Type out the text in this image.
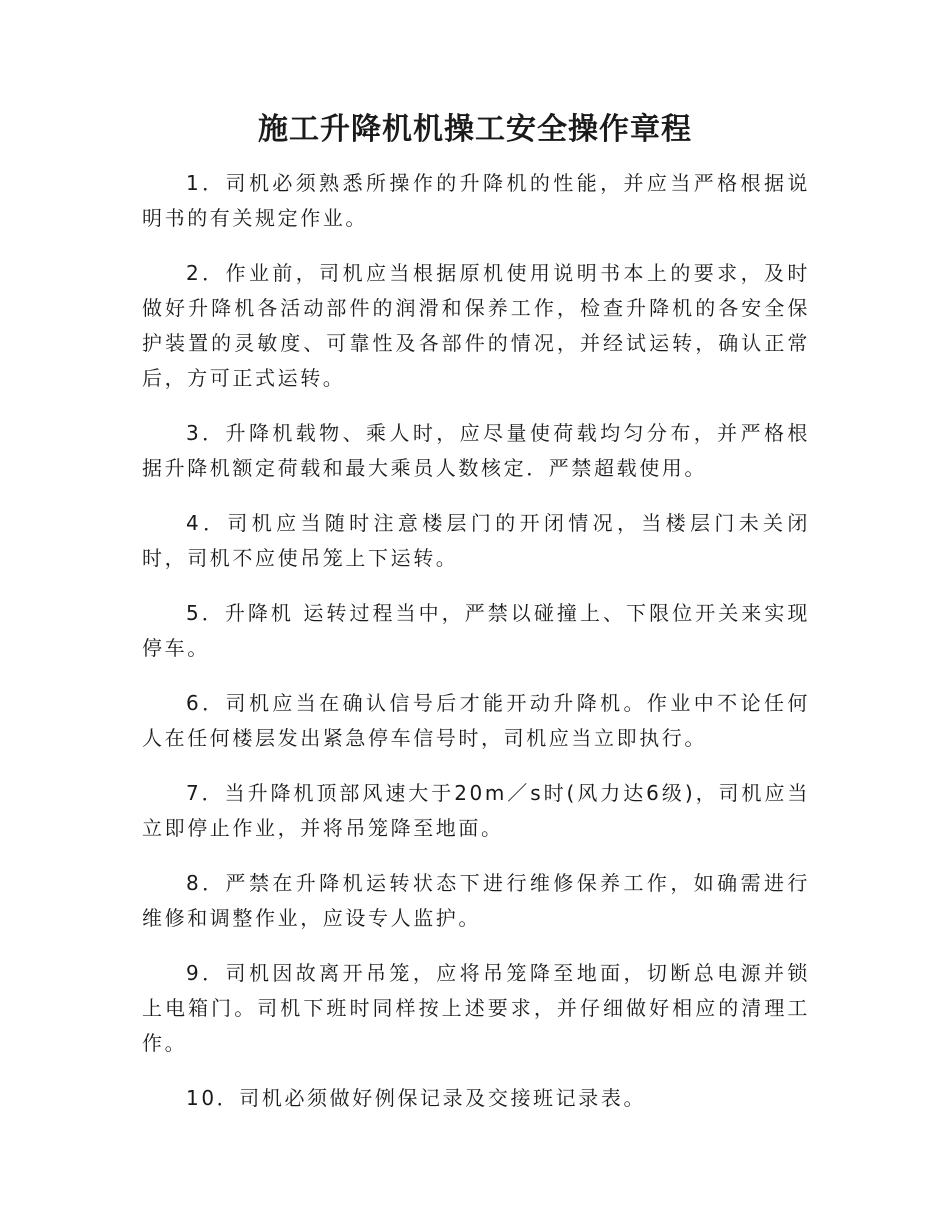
施工升降机机操工安全操作章程

1．司机必须熟悉所操作的升降机的性能，并应当严格根据说明书的有关规定作业。

2．作业前，司机应当根据原机使用说明书本上的要求，及时做好升降机各活动部件的润滑和保养工作，检查升降机的各安全保护装置的灵敏度、可靠性及各部件的情况，并经试运转，确认正常后，方可正式运转。

3．升降机载物、乘人时，应尽量使荷载均匀分布，并严格根据升降机额定荷载和最大乘员人数核定．严禁超载使用。

4．司机应当随时注意楼层门的开闭情况，当楼层门未关闭时，司机不应使吊笼上下运转。

5．升降机 运转过程当中，严禁以碰撞上、下限位开关来实现停车。

6．司机应当在确认信号后才能开动升降机。作业中不论任何人在任何楼层发出紧急停车信号时，司机应当立即执行。

7．当升降机顶部风速大于20m／s时(风力达6级)，司机应当立即停止作业，并将吊笼降至地面。

8．严禁在升降机运转状态下进行维修保养工作，如确需进行维修和调整作业，应设专人监护。

9．司机因故离开吊笼，应将吊笼降至地面，切断总电源并锁上电箱门。司机下班时同样按上述要求，并仔细做好相应的清理工作。

10．司机必须做好例保记录及交接班记录表。
